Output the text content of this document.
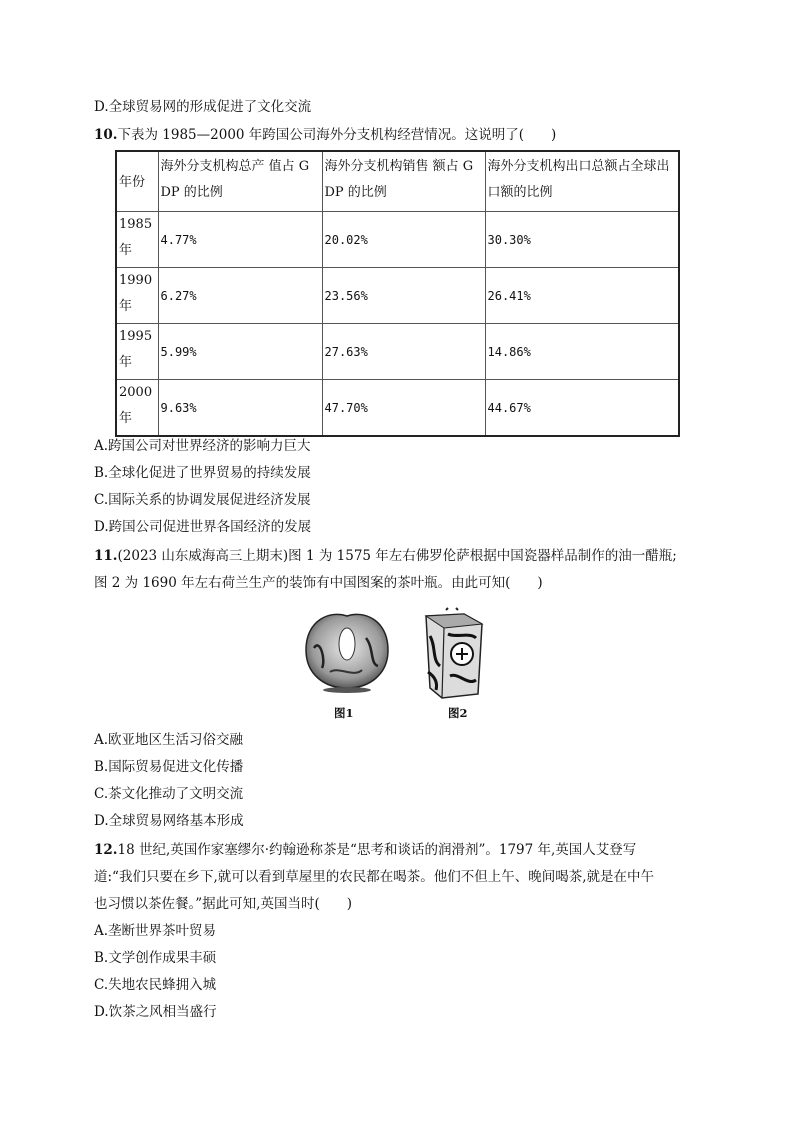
D.全球贸易网的形成促进了文化交流
10.下表为 1985—2000 年跨国公司海外分支机构经营情况。这说明了(　　)
年份	海外分支机构总产 值占 GDP 的比例	海外分支机构销售 额占 GDP 的比例	海外分支机构出口总额占全球出口额的比例
1985 年	4.77%	20.02%	30.30%
1990 年	6.27%	23.56%	26.41%
1995 年	5.99%	27.63%	14.86%
2000 年	9.63%	47.70%	44.67%
A.跨国公司对世界经济的影响力巨大
B.全球化促进了世界贸易的持续发展
C.国际关系的协调发展促进经济发展
D.跨国公司促进世界各国经济的发展
11.(2023 山东威海高三上期末)图 1 为 1575 年左右佛罗伦萨根据中国瓷器样品制作的油一醋瓶;
图 2 为 1690 年左右荷兰生产的装饰有中国图案的茶叶瓶。由此可知(　　)
图1	图2
A.欧亚地区生活习俗交融
B.国际贸易促进文化传播
C.茶文化推动了文明交流
D.全球贸易网络基本形成
12.18 世纪,英国作家塞缪尔·约翰逊称茶是“思考和谈话的润滑剂”。1797 年,英国人艾登写
道:“我们只要在乡下,就可以看到草屋里的农民都在喝茶。他们不但上午、晚间喝茶,就是在中午
也习惯以茶佐餐。”据此可知,英国当时(　　)
A.垄断世界茶叶贸易
B.文学创作成果丰硕
C.失地农民蜂拥入城
D.饮茶之风相当盛行
